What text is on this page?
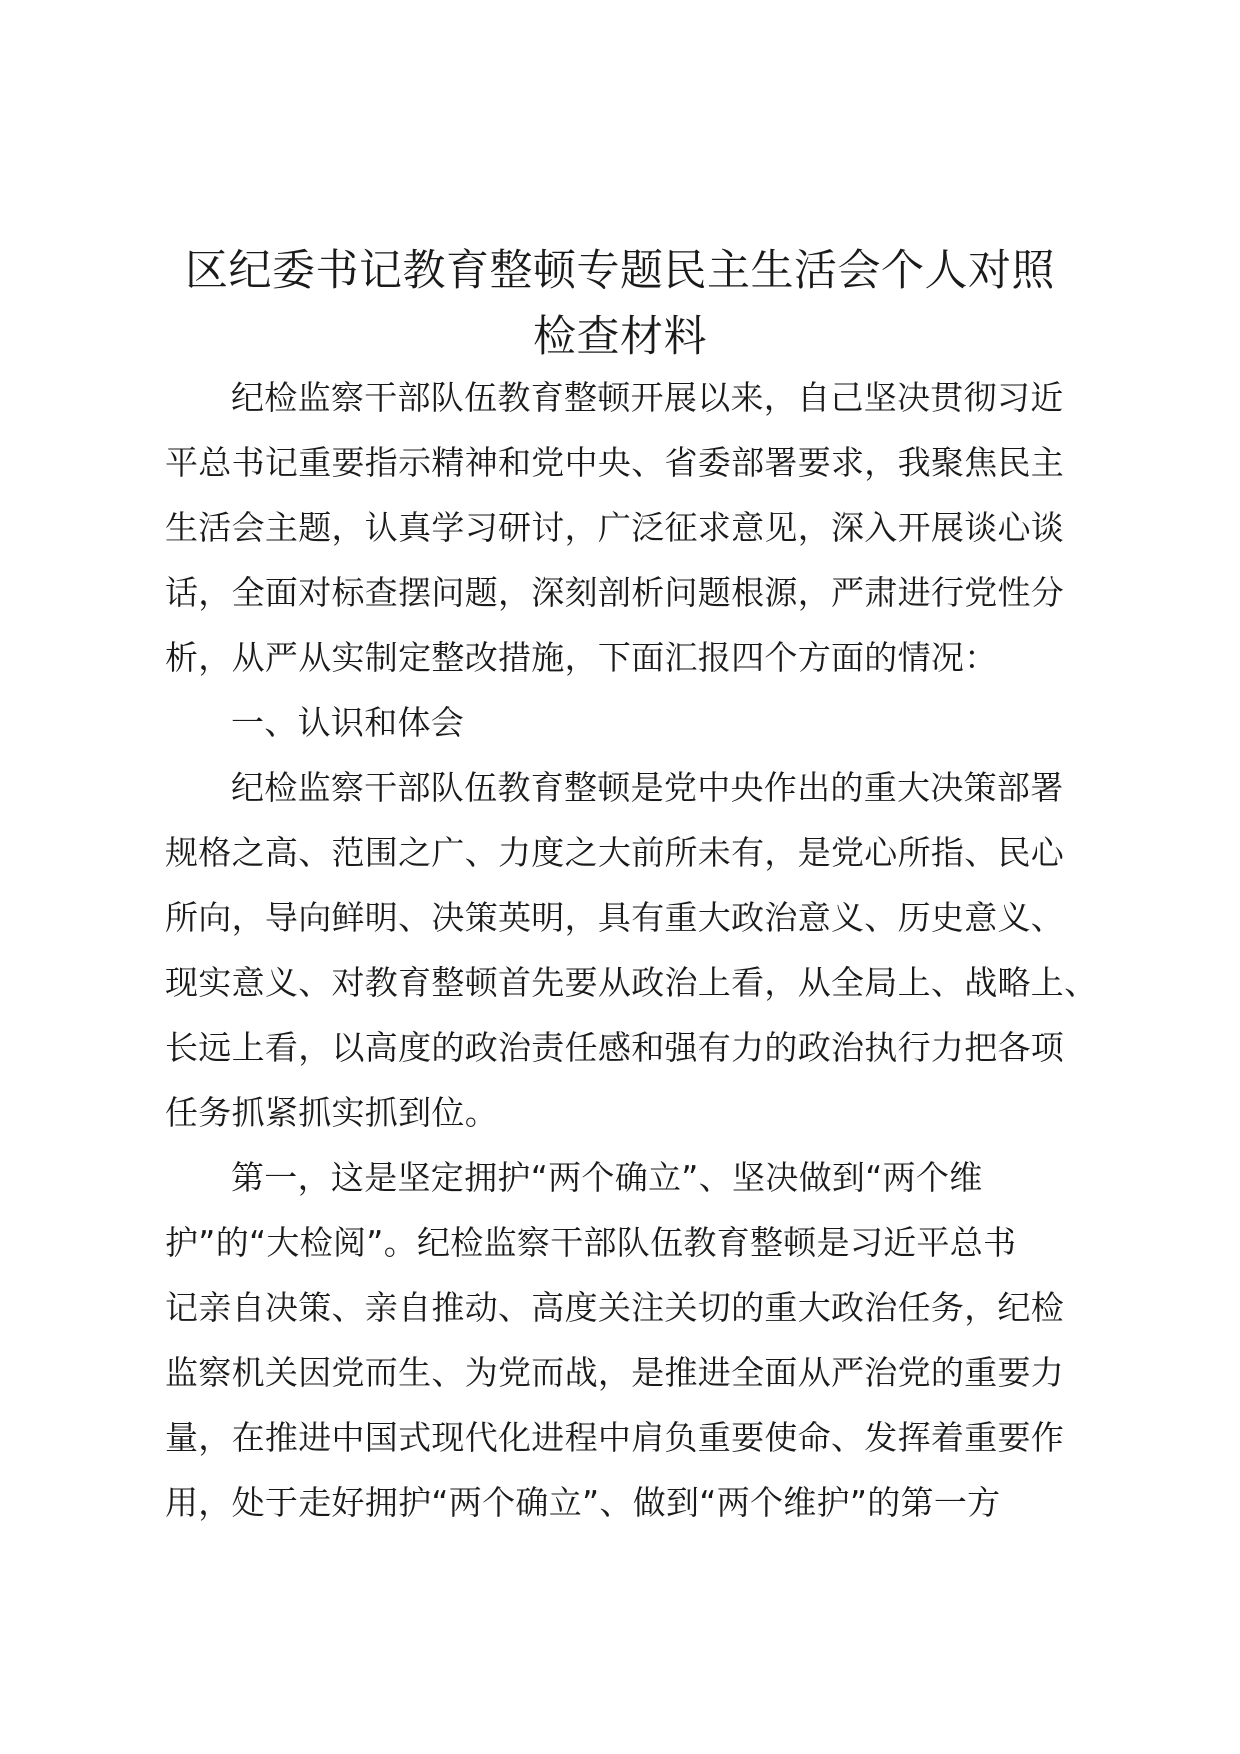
区纪委书记教育整顿专题民主生活会个人对照
检查材料
纪检监察干部队伍教育整顿开展以来，自己坚决贯彻习近
平总书记重要指示精神和党中央、省委部署要求，我聚焦民主
生活会主题，认真学习研讨，广泛征求意见，深入开展谈心谈
话，全面对标查摆问题，深刻剖析问题根源，严肃进行党性分
析，从严从实制定整改措施，下面汇报四个方面的情况：
一、认识和体会
纪检监察干部队伍教育整顿是党中央作出的重大决策部署
规格之高、范围之广、力度之大前所未有，是党心所指、民心
所向，导向鲜明、决策英明，具有重大政治意义、历史意义、
现实意义、对教育整顿首先要从政治上看，从全局上、战略上、
长远上看，以高度的政治责任感和强有力的政治执行力把各项
任务抓紧抓实抓到位。
第一，这是坚定拥护“两个确立”、坚决做到“两个维
护”的“大检阅”。纪检监察干部队伍教育整顿是习近平总书
记亲自决策、亲自推动、高度关注关切的重大政治任务，纪检
监察机关因党而生、为党而战，是推进全面从严治党的重要力
量，在推进中国式现代化进程中肩负重要使命、发挥着重要作
用，处于走好拥护“两个确立”、做到“两个维护”的第一方
